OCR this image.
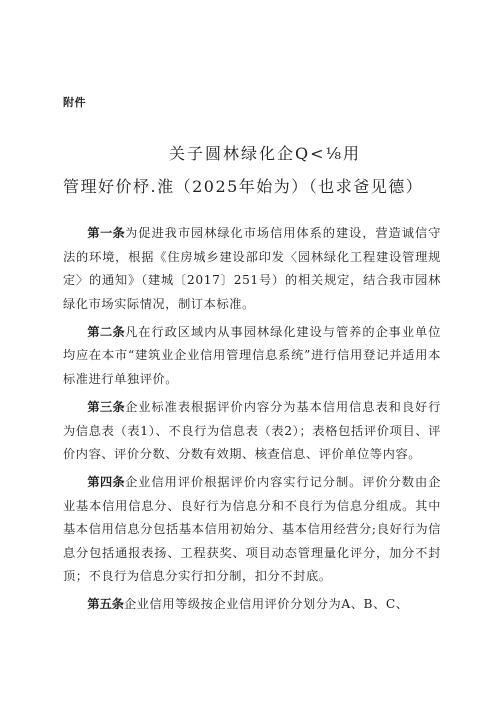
附件
关子圆林绿化企Q<⅛用
管理好价杼.淮（2025年始为）（也求爸见德）

第一条为促进我市园林绿化市场信用体系的建设，营造诚信守法的环境，根据《住房城乡建设部印发〈园林绿化工程建设管理规定〉的通知》（建城〔2017〕251号）的相关规定，结合我市园林绿化市场实际情况，制订本标准。

第二条凡在行政区域内从事园林绿化建设与管养的企事业单位均应在本市“建筑业企业信用管理信息系统”进行信用登记并适用本标准进行单独评价。

第三条企业标准表根据评价内容分为基本信用信息表和良好行为信息表（表1）、不良行为信息表（表2）；表格包括评价项目、评价内容、评价分数、分数有效期、核查信息、评价单位等内容。

第四条企业信用评价根据评价内容实行记分制。评价分数由企业基本信用信息分、良好行为信息分和不良行为信息分组成。其中基本信用信息分包括基本信用初始分、基本信用经营分;良好行为信息分包括通报表扬、工程获奖、项目动态管理量化评分，加分不封顶；不良行为信息分实行扣分制，扣分不封底。

第五条企业信用等级按企业信用评价分划分为A、B、C、
